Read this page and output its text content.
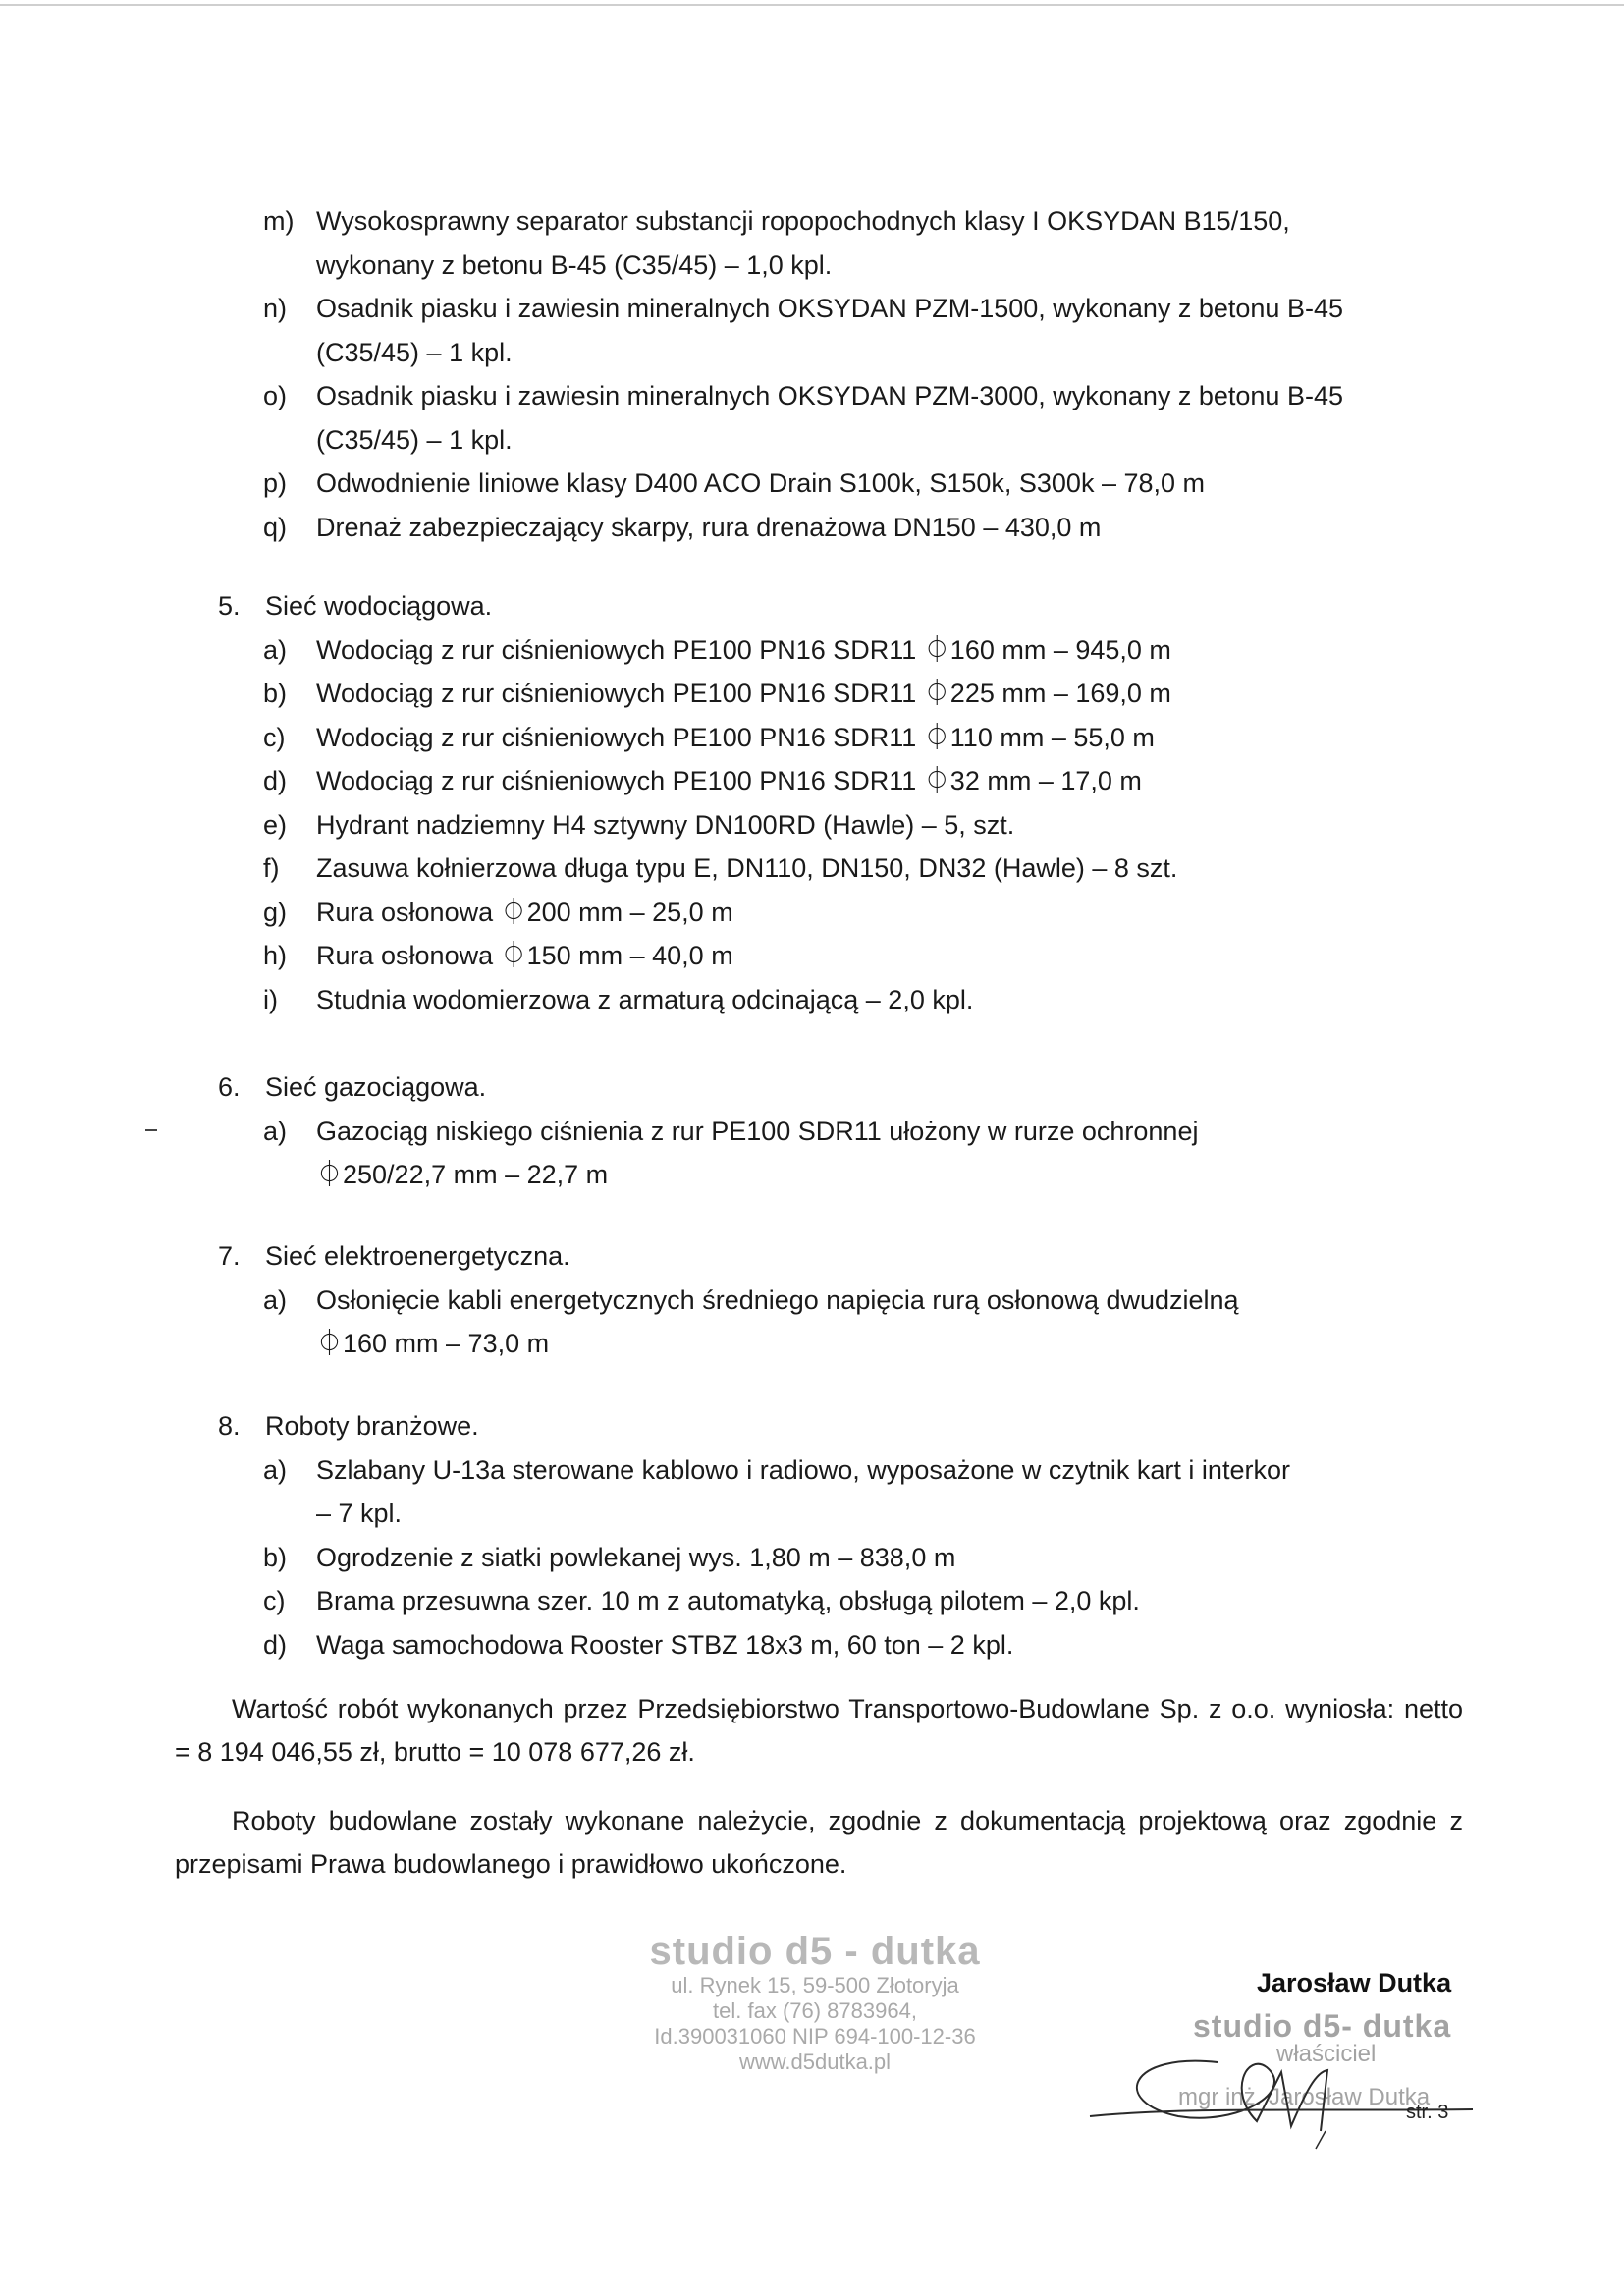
m) Wysokosprawny separator substancji ropopochodnych klasy I OKSYDAN B15/150,
wykonany z betonu B-45 (C35/45) – 1,0 kpl.
n) Osadnik piasku i zawiesin mineralnych OKSYDAN PZM-1500, wykonany z betonu B-45
(C35/45) – 1 kpl.
o) Osadnik piasku i zawiesin mineralnych OKSYDAN PZM-3000, wykonany z betonu B-45
(C35/45) – 1 kpl.
p) Odwodnienie liniowe klasy D400 ACO Drain S100k, S150k, S300k – 78,0 m
q) Drenaż zabezpieczający skarpy, rura drenażowa DN150 – 430,0 m
5. Sieć wodociągowa.
a) Wodociąg z rur ciśnieniowych PE100 PN16 SDR11 ⏀160 mm – 945,0 m
b) Wodociąg z rur ciśnieniowych PE100 PN16 SDR11 ⏀225 mm – 169,0 m
c) Wodociąg z rur ciśnieniowych PE100 PN16 SDR11 ⏀110 mm – 55,0 m
d) Wodociąg z rur ciśnieniowych PE100 PN16 SDR11 ⏀32 mm – 17,0 m
e) Hydrant nadziemny H4 sztywny DN100RD (Hawle) – 5, szt.
f) Zasuwa kołnierzowa długa typu E, DN110, DN150, DN32 (Hawle) – 8 szt.
g) Rura osłonowa ⏀200 mm – 25,0 m
h) Rura osłonowa ⏀150 mm – 40,0 m
i) Studnia wodomierzowa z armaturą odcinającą – 2,0 kpl.
6. Sieć gazociągowa.
a) Gazociąg niskiego ciśnienia z rur PE100 SDR11 ułożony w rurze ochronnej
⏀250/22,7 mm – 22,7 m
7. Sieć elektroenergetyczna.
a) Osłonięcie kabli energetycznych średniego napięcia rurą osłonową dwudzielną
⏀160 mm – 73,0 m
8. Roboty branżowe.
a) Szlabany U-13a sterowane kablowo i radiowo, wyposażone w czytnik kart i interkor
– 7 kpl.
b) Ogrodzenie z siatki powlekanej wys. 1,80 m – 838,0 m
c) Brama przesuwna szer. 10 m z automatyką, obsługą pilotem – 2,0 kpl.
d) Waga samochodowa Rooster STBZ 18x3 m, 60 ton – 2 kpl.
Wartość robót wykonanych przez Przedsiębiorstwo Transportowo-Budowlane Sp. z o.o. wyniosła: netto = 8 194 046,55 zł, brutto = 10 078 677,26 zł.
Roboty budowlane zostały wykonane należycie, zgodnie z dokumentacją projektową oraz zgodnie z przepisami Prawa budowlanego i prawidłowo ukończone.
studio d5 - dutka
ul. Rynek 15, 59-500 Złotoryja
tel. fax (76) 8783964,
Id.390031060 NIP 694-100-12-36
www.d5dutka.pl
Jarosław Dutka
studio d5- dutka
właściciel
mgr inż. Jarosław Dutka
str. 3
